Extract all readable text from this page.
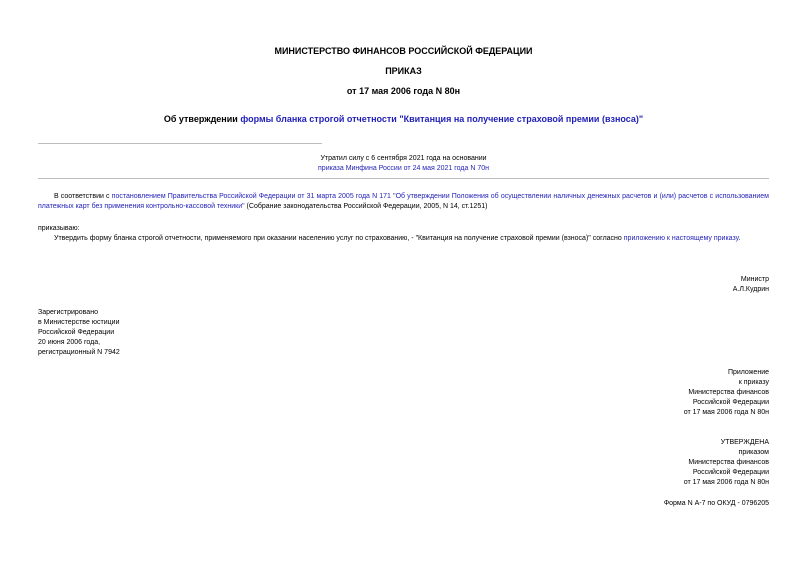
МИНИСТЕРСТВО ФИНАНСОВ РОССИЙСКОЙ ФЕДЕРАЦИИ
ПРИКАЗ
от 17 мая 2006 года N 80н
Об утверждении формы бланка строгой отчетности "Квитанция на получение страховой премии (взноса)"
Утратил силу с 6 сентября 2021 года на основании
приказа Минфина России от 24 мая 2021 года N 70н
В соответствии с постановлением Правительства Российской Федерации от 31 марта 2005 года N 171 "Об утверждении Положения об осуществлении наличных денежных расчетов и (или) расчетов с использованием платежных карт без применения контрольно-кассовой техники" (Собрание законодательства Российской Федерации, 2005, N 14, ст.1251)
приказываю:
Утвердить форму бланка строгой отчетности, применяемого при оказании населению услуг по страхованию, - "Квитанция на получение страховой премии (взноса)" согласно приложению к настоящему приказу.
Министр
А.Л.Кудрин
Зарегистрировано
в Министерстве юстиции
Российской Федерации
20 июня 2006 года,
регистрационный N 7942
Приложение
к приказу
Министерства финансов
Российской Федерации
от 17 мая 2006 года N 80н
УТВЕРЖДЕНА
приказом
Министерства финансов
Российской Федерации
от 17 мая 2006 года N 80н
Форма N А-7 по ОКУД - 0796205
